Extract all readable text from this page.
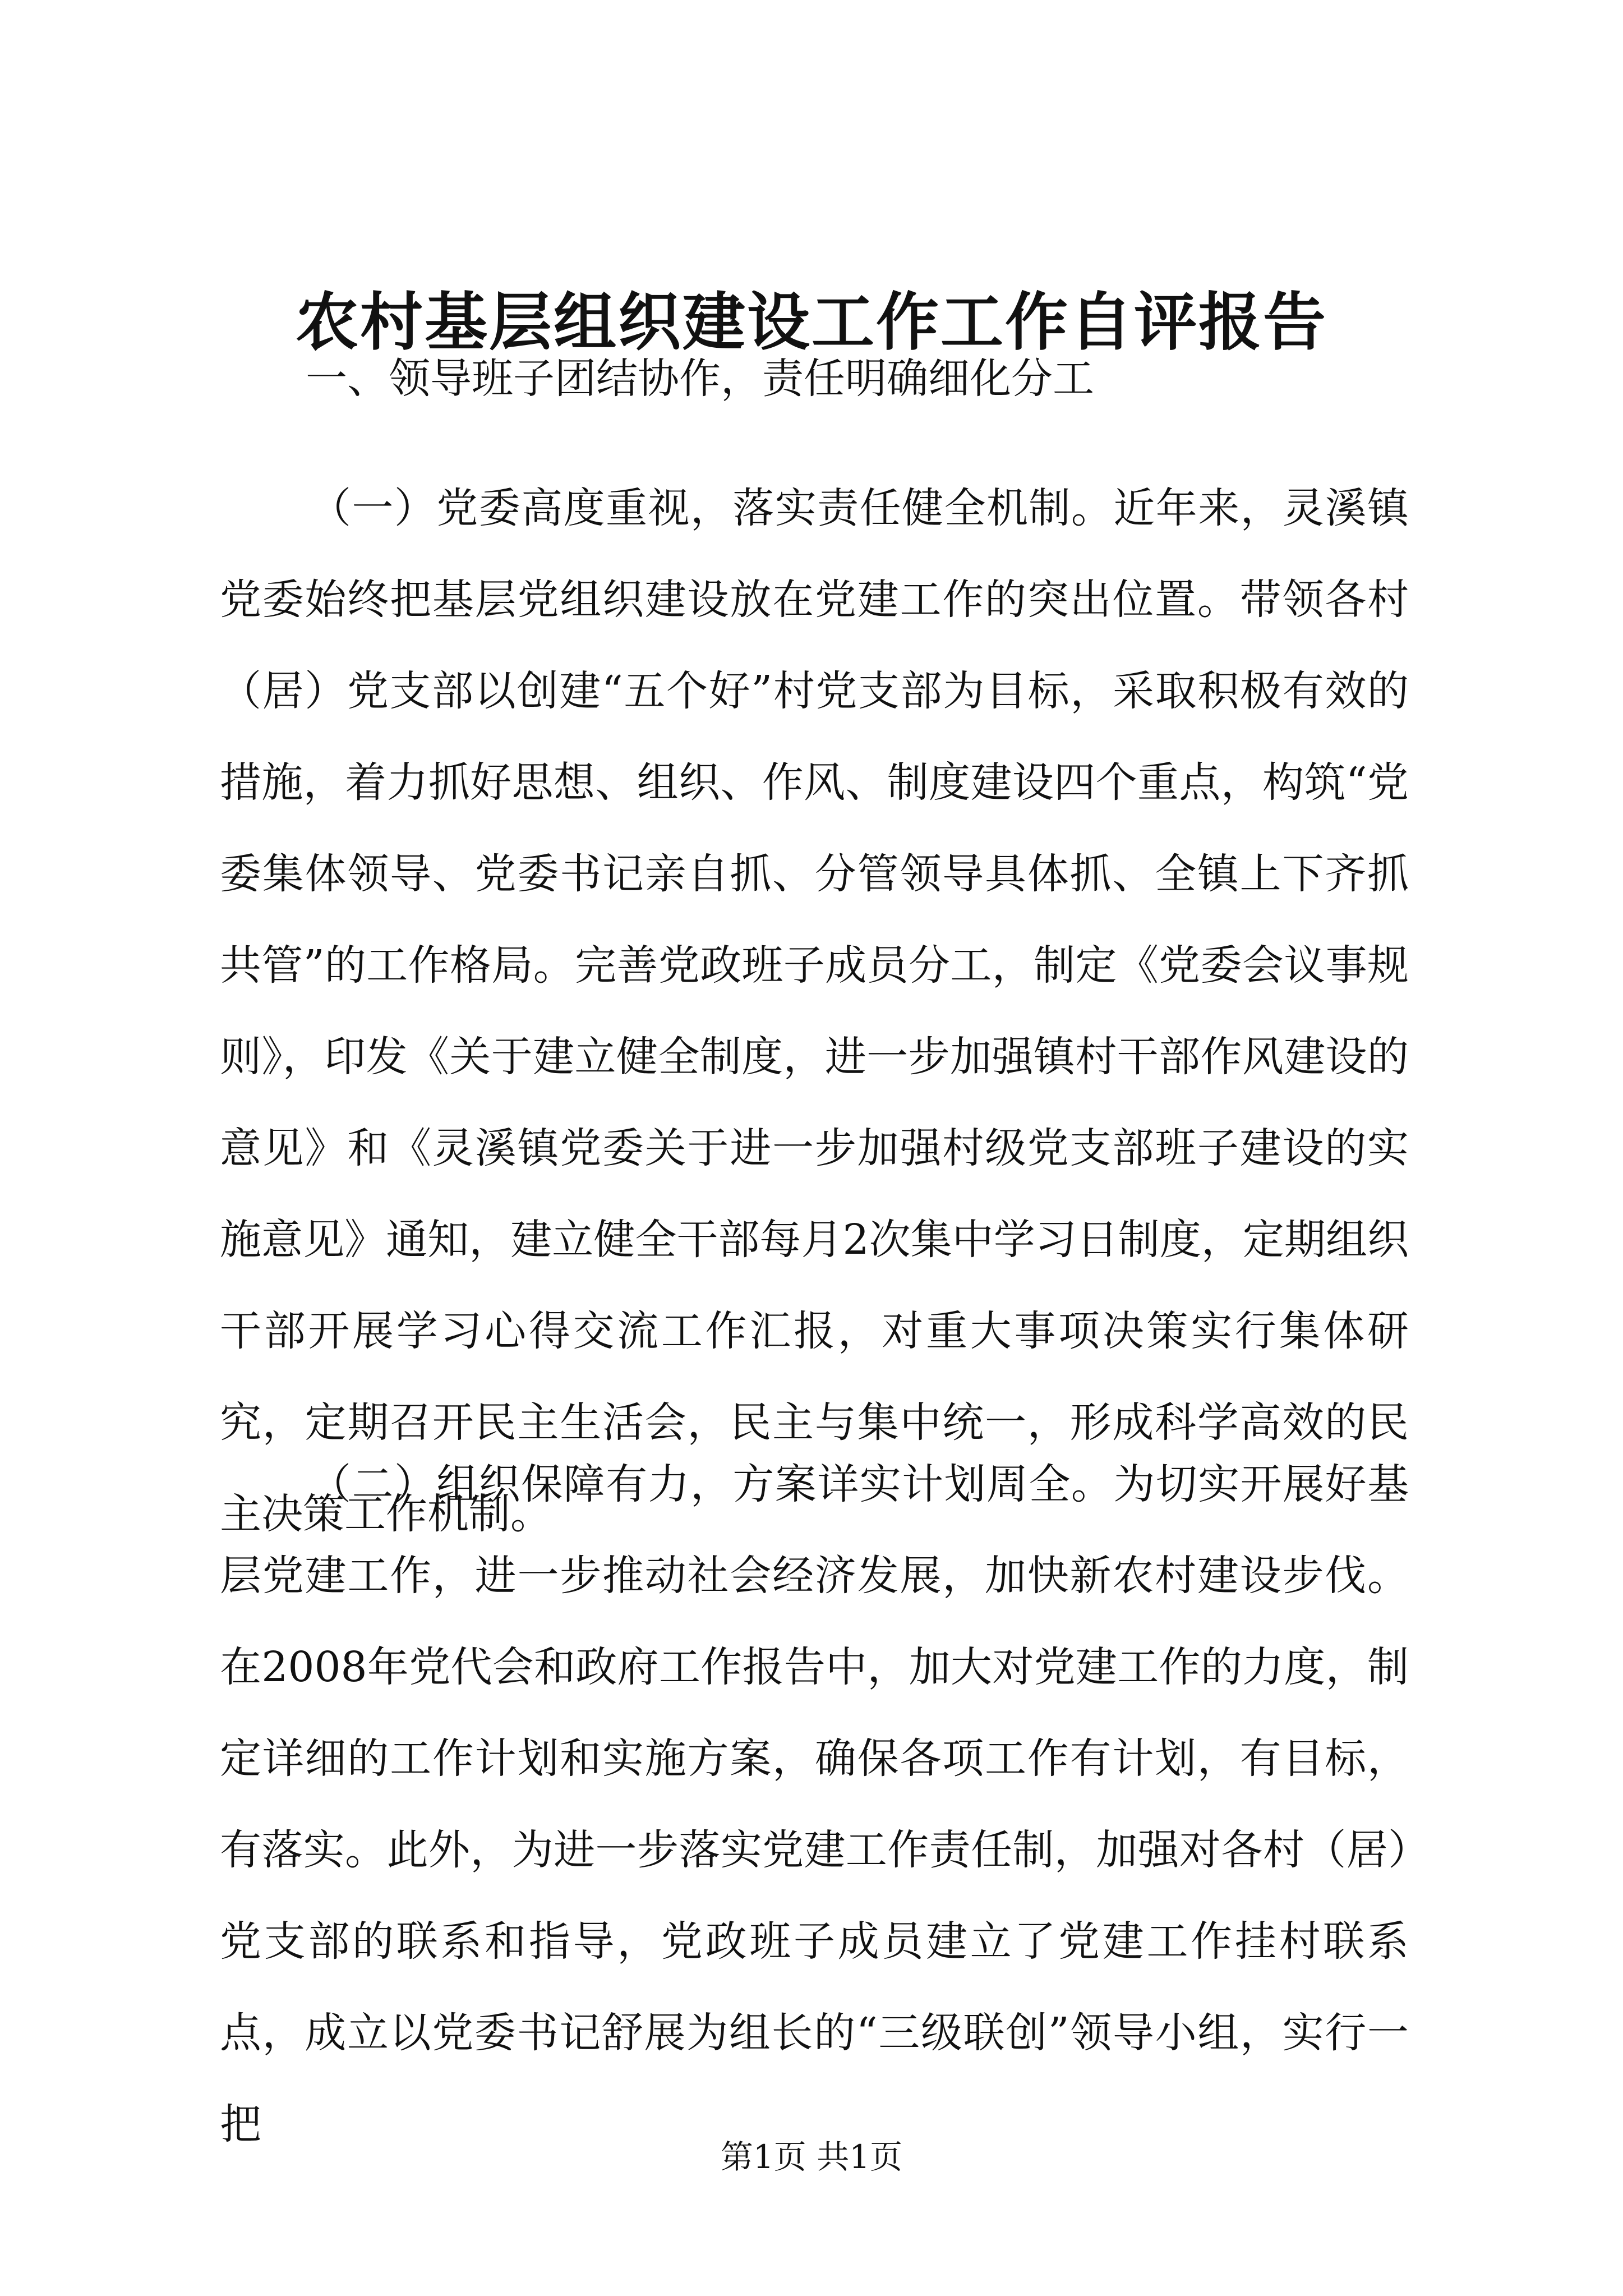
农村基层组织建设工作工作自评报告

一、领导班子团结协作，责任明确细化分工

（一）党委高度重视，落实责任健全机制。近年来，灵溪镇党委始终把基层党组织建设放在党建工作的突出位置。带领各村（居）党支部以创建“五个好”村党支部为目标，采取积极有效的措施，着力抓好思想、组织、作风、制度建设四个重点，构筑“党委集体领导、党委书记亲自抓、分管领导具体抓、全镇上下齐抓共管”的工作格局。完善党政班子成员分工，制定《党委会议事规则》，印发《关于建立健全制度，进一步加强镇村干部作风建设的意见》和《灵溪镇党委关于进一步加强村级党支部班子建设的实施意见》通知，建立健全干部每月2次集中学习日制度，定期组织干部开展学习心得交流工作汇报，对重大事项决策实行集体研究，定期召开民主生活会，民主与集中统一，形成科学高效的民主决策工作机制。

（二）组织保障有力，方案详实计划周全。为切实开展好基层党建工作，进一步推动社会经济发展，加快新农村建设步伐。在2008年党代会和政府工作报告中，加大对党建工作的力度，制定详细的工作计划和实施方案，确保各项工作有计划，有目标，有落实。此外，为进一步落实党建工作责任制，加强对各村（居）党支部的联系和指导，党政班子成员建立了党建工作挂村联系点，成立以党委书记舒展为组长的“三级联创”领导小组，实行一把

第1页 共1页
